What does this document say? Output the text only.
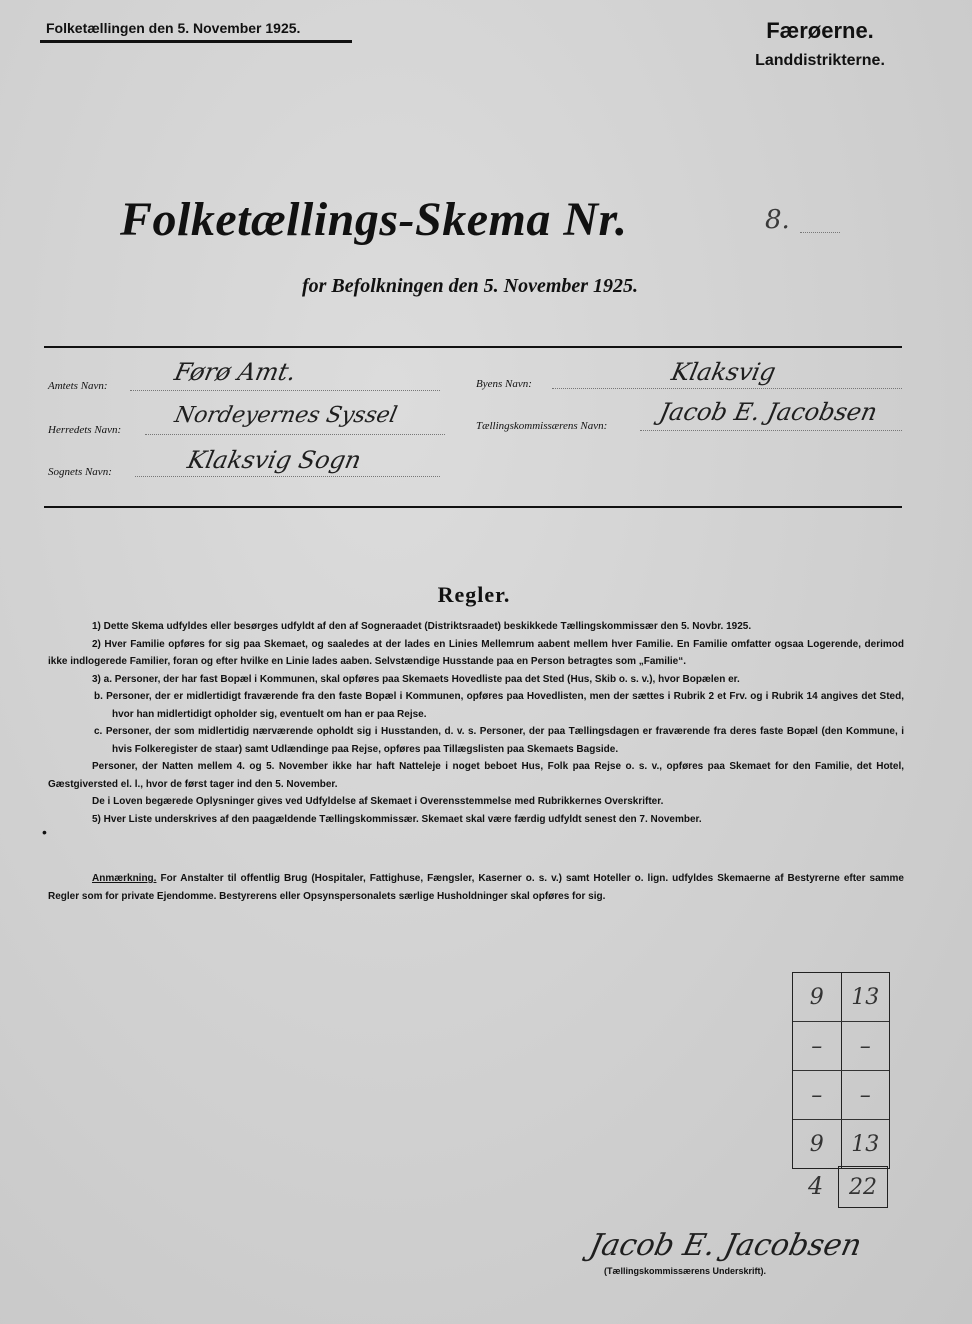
Folketællingen den 5. November 1925.	Færøerne.
Landdistrikterne.
Folketællings-Skema Nr.	8.
for Befolkningen den 5. November 1925.
Amtets Navn:	Førø Amt.
Herredets Navn:
Nordeyernes Syssel
Sognets Navn:	Klaksvig Sogn
Byens Navn:	Klaksvig
Tællingskommissærens Navn: Jacob E. Jacobsen
Regler.

1) Dette Skema udfyldes eller besørges udfyldt af den af Sogneraadet (Distriktsraadet) beskikkede Tællingskommissær den 5. Novbr. 1925.

2) Hver Familie opføres for sig paa Skemaet, og saaledes at der lades en Linies Mellemrum aabent mellem hver Familie. En Familie omfatter ogsaa Logerende, derimod ikke indlogerede Familier, foran og efter hvilke en Linie lades aaben. Selvstændige Husstande paa en Person betragtes som „Familie“.

3) a. Personer, der har fast Bopæl i Kommunen, skal opføres paa Skemaets Hovedliste paa det Sted (Hus, Skib o. s. v.), hvor Bopælen er.

b. Personer, der er midlertidigt fraværende fra den faste Bopæl i Kommunen, opføres paa Hovedlisten, men der sættes i Rubrik 2 et Frv. og i Rubrik 14 angives det Sted, hvor han midlertidigt opholder sig, eventuelt om han er paa Rejse.

c. Personer, der som midlertidig nærværende opholdt sig i Husstanden, d. v. s. Personer, der paa Tællingsdagen er fraværende fra deres faste Bopæl (den Kommune, i hvis Folkeregister de staar) samt Udlændinge paa Rejse, opføres paa Tillægslisten paa Skemaets Bagside.

Personer, der Natten mellem 4. og 5. November ikke har haft Natteleje i noget beboet Hus, Folk paa Rejse o. s. v., opføres paa Skemaet for den Familie, det Hotel, Gæstgiversted el. l., hvor de først tager ind den 5. November.

De i Loven begærede Oplysninger gives ved Udfyldelse af Skemaet i Overensstemmelse med Rubrikkernes Overskrifter.

5) Hver Liste underskrives af den paagældende Tællingskommissær. Skemaet skal være færdig udfyldt senest den 7. November.

•

Anmærkning. For Anstalter til offentlig Brug (Hospitaler, Fattighuse, Fængsler, Kaserner o. s. v.) samt Hoteller o. lign. udfyldes Skemaerne af Bestyrerne efter samme Regler som for private Ejendomme. Bestyrerens eller Opsynspersonalets særlige Husholdninger skal opføres for sig.

9	13
–	–
–	–
9	13
4	22
Jacob E. Jacobsen
(Tællingskommissærens Underskrift).
